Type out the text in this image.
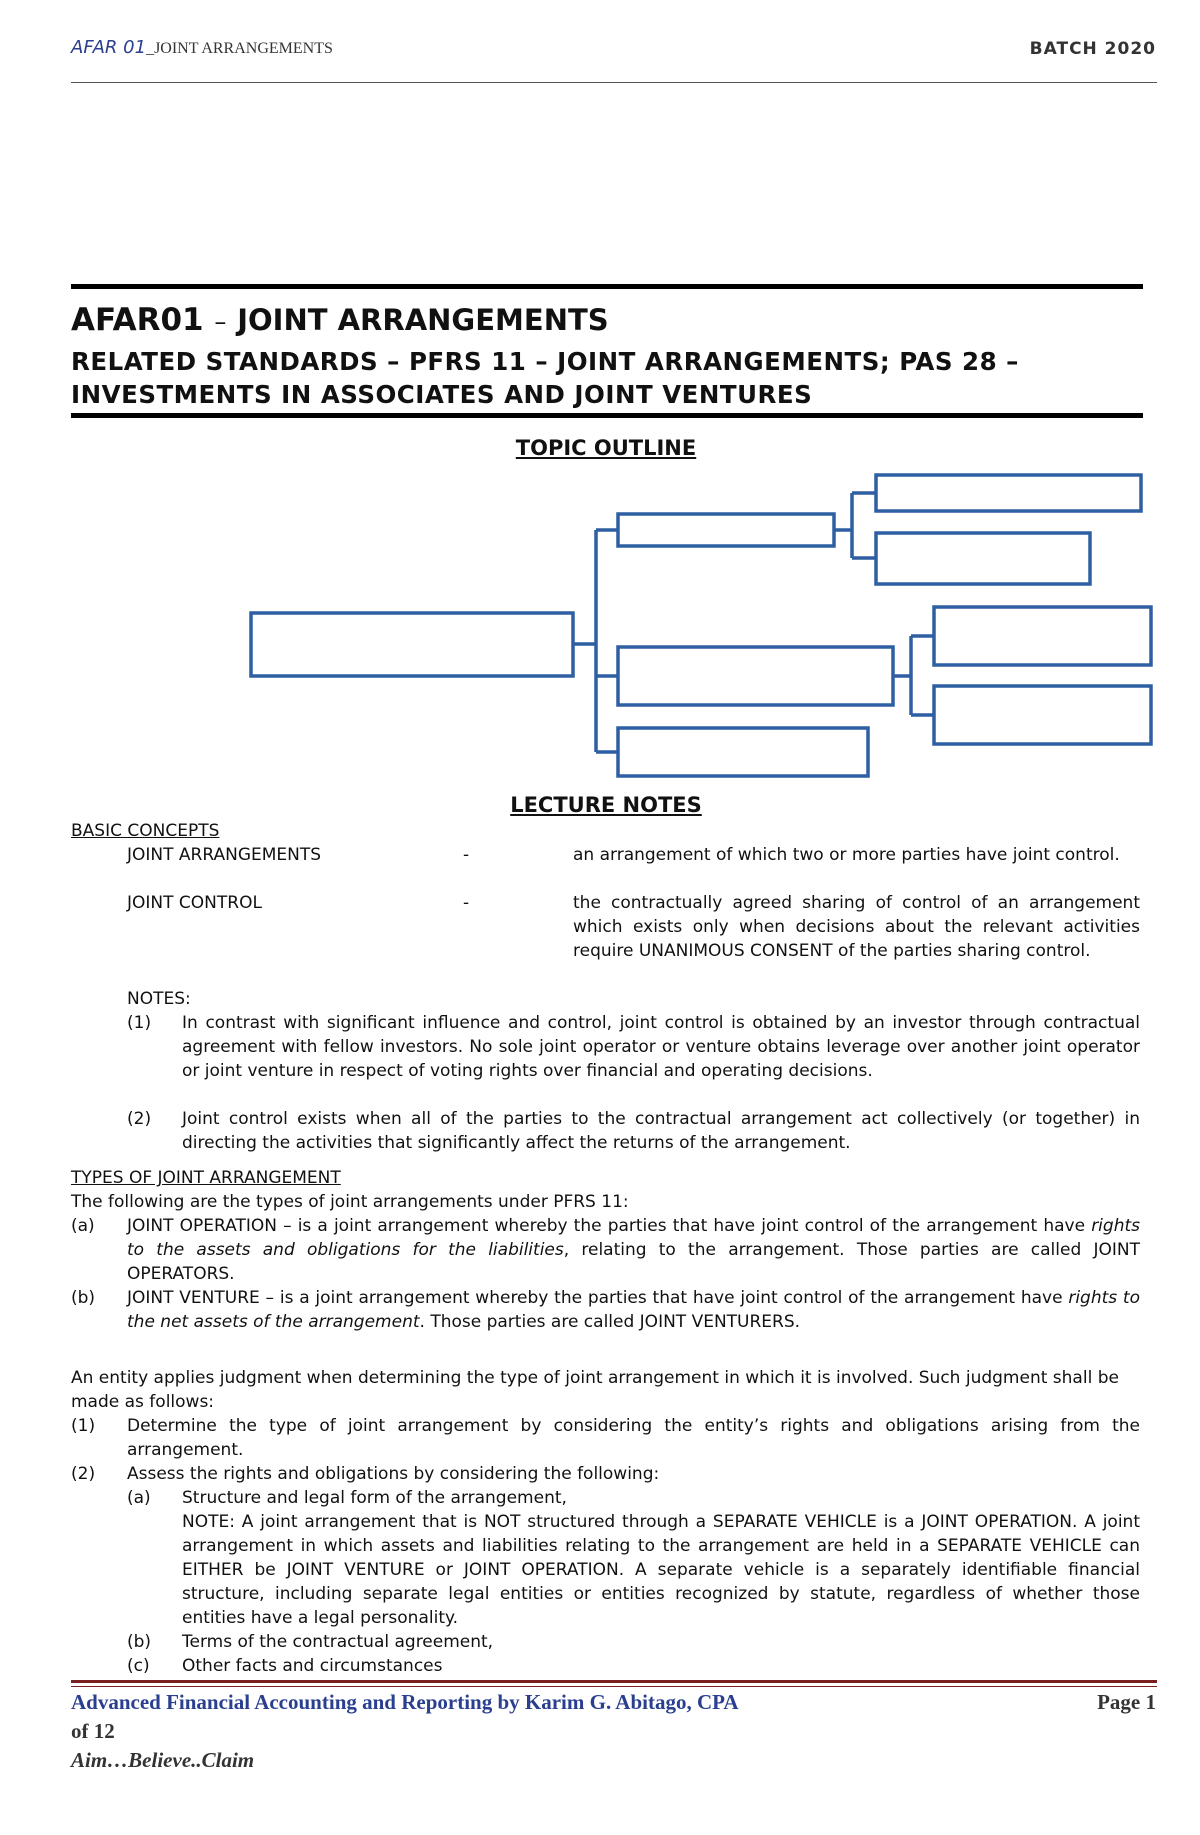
AFAR 01_JOINT ARRANGEMENTS	BATCH 2020
AFAR01 – JOINT ARRANGEMENTS
RELATED STANDARDS – PFRS 11 – JOINT ARRANGEMENTS; PAS 28 – INVESTMENTS IN ASSOCIATES AND JOINT VENTURES
TOPIC OUTLINE
LECTURE NOTES
BASIC CONCEPTS
JOINT ARRANGEMENTS	-	an arrangement of which two or more parties have joint control.
JOINT CONTROL	-	the contractually agreed sharing of control of an arrangement which exists only when decisions about the relevant activities require UNANIMOUS CONSENT of the parties sharing control.
NOTES:
(1) In contrast with significant influence and control, joint control is obtained by an investor through contractual agreement with fellow investors. No sole joint operator or venture obtains leverage over another joint operator or joint venture in respect of voting rights over financial and operating decisions.
(2) Joint control exists when all of the parties to the contractual arrangement act collectively (or together) in directing the activities that significantly affect the returns of the arrangement.
TYPES OF JOINT ARRANGEMENT
The following are the types of joint arrangements under PFRS 11:
(a) JOINT OPERATION – is a joint arrangement whereby the parties that have joint control of the arrangement have rights to the assets and obligations for the liabilities, relating to the arrangement. Those parties are called JOINT OPERATORS.
(b) JOINT VENTURE – is a joint arrangement whereby the parties that have joint control of the arrangement have rights to the net assets of the arrangement. Those parties are called JOINT VENTURERS.
An entity applies judgment when determining the type of joint arrangement in which it is involved. Such judgment shall be made as follows:
(1) Determine the type of joint arrangement by considering the entity’s rights and obligations arising from the arrangement.
(2) Assess the rights and obligations by considering the following:
(a) Structure and legal form of the arrangement,
NOTE: A joint arrangement that is NOT structured through a SEPARATE VEHICLE is a JOINT OPERATION. A joint arrangement in which assets and liabilities relating to the arrangement are held in a SEPARATE VEHICLE can EITHER be JOINT VENTURE or JOINT OPERATION. A separate vehicle is a separately identifiable financial structure, including separate legal entities or entities recognized by statute, regardless of whether those entities have a legal personality.
(b) Terms of the contractual agreement,
(c) Other facts and circumstances
Advanced Financial Accounting and Reporting by Karim G. Abitago, CPA	Page 1
of 12
Aim…Believe..Claim
